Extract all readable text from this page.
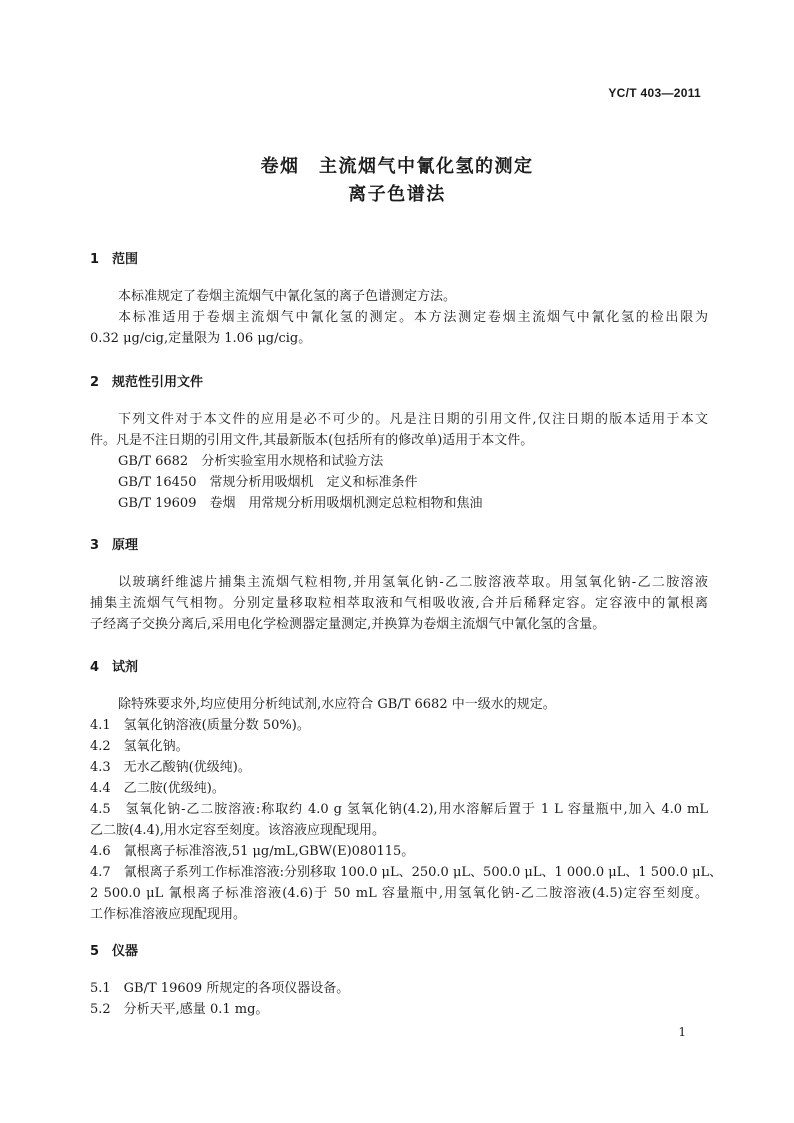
YC/T 403—2011
卷烟　主流烟气中氰化氢的测定
离子色谱法
1 范围
本标准规定了卷烟主流烟气中氰化氢的离子色谱测定方法。
本标准适用于卷烟主流烟气中氰化氢的测定。本方法测定卷烟主流烟气中氰化氢的检出限为
0.32 μg/cig,定量限为 1.06 μg/cig。
2 规范性引用文件
下列文件对于本文件的应用是必不可少的。凡是注日期的引用文件,仅注日期的版本适用于本文
件。凡是不注日期的引用文件,其最新版本(包括所有的修改单)适用于本文件。
GB/T 6682　分析实验室用水规格和试验方法
GB/T 16450　常规分析用吸烟机　定义和标准条件
GB/T 19609　卷烟　用常规分析用吸烟机测定总粒相物和焦油
3 原理
以玻璃纤维滤片捕集主流烟气粒相物,并用氢氧化钠-乙二胺溶液萃取。用氢氧化钠-乙二胺溶液
捕集主流烟气气相物。分别定量移取粒相萃取液和气相吸收液,合并后稀释定容。定容液中的氰根离
子经离子交换分离后,采用电化学检测器定量测定,并换算为卷烟主流烟气中氰化氢的含量。
4 试剂
除特殊要求外,均应使用分析纯试剂,水应符合 GB/T 6682 中一级水的规定。
4.1　氢氧化钠溶液(质量分数 50%)。
4.2　氢氧化钠。
4.3　无水乙酸钠(优级纯)。
4.4　乙二胺(优级纯)。
4.5　氢氧化钠-乙二胺溶液:称取约 4.0 g 氢氧化钠(4.2),用水溶解后置于 1 L 容量瓶中,加入 4.0 mL
乙二胺(4.4),用水定容至刻度。该溶液应现配现用。
4.6　氰根离子标准溶液,51 μg/mL,GBW(E)080115。
4.7　氰根离子系列工作标准溶液:分别移取 100.0 μL、250.0 μL、500.0 μL、1 000.0 μL、1 500.0 μL、
2 500.0 μL 氰根离子标准溶液(4.6)于 50 mL 容量瓶中,用氢氧化钠-乙二胺溶液(4.5)定容至刻度。
工作标准溶液应现配现用。
5 仪器
5.1　GB/T 19609 所规定的各项仪器设备。
5.2　分析天平,感量 0.1 mg。
1
